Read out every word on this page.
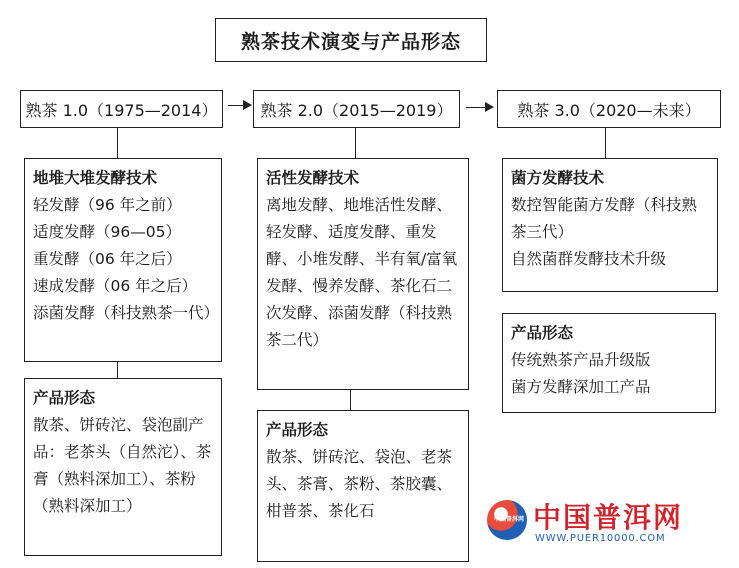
熟茶技术演变与产品形态
熟茶 1.0（1975—2014）	熟茶 2.0（2015—2019）	熟茶 3.0（2020—未来）
地堆大堆发酵技术
轻发酵（96 年之前）
适度发酵（96—05）
重发酵（06 年之后）
速成发酵（06 年之后）
添菌发酵（科技熟茶一代）
产品形态
散茶、饼砖沱、袋泡副产品：老茶头（自然沱）、茶膏（熟料深加工）、茶粉（熟料深加工）
活性发酵技术
离地发酵、地堆活性发酵、轻发酵、适度发酵、重发酵、小堆发酵、半有氧/富氧发酵、慢养发酵、茶化石二次发酵、添菌发酵（科技熟茶二代）
产品形态
散茶、饼砖沱、袋泡、老茶头、茶膏、茶粉、茶胶囊、柑普茶、茶化石
菌方发酵技术
数控智能菌方发酵（科技熟茶三代）
自然菌群发酵技术升级
产品形态
传统熟茶产品升级版
菌方发酵深加工产品
中国普洱网 中国普洱网
WWW.PUER10000.COM
